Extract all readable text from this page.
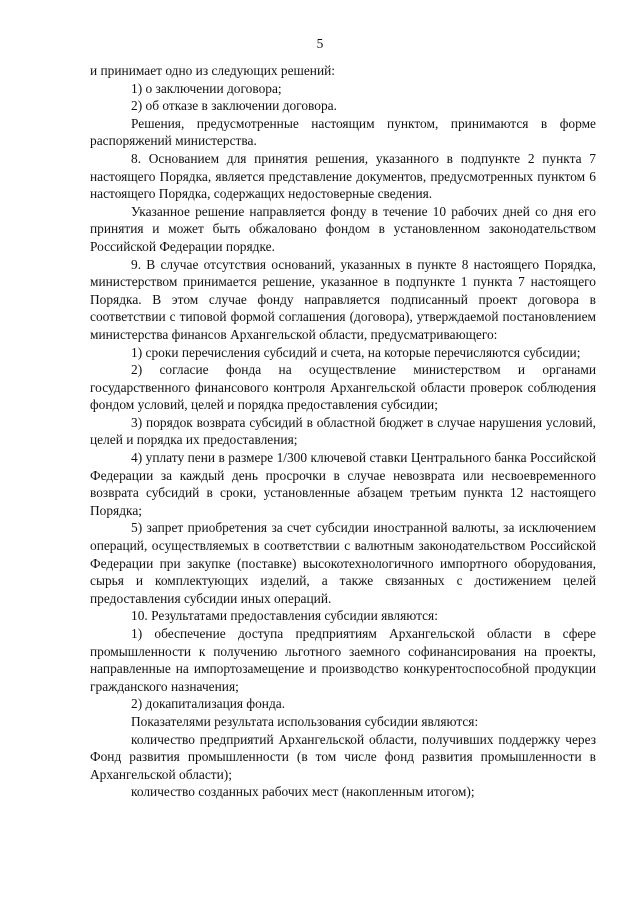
5

и принимает одно из следующих решений:

1) о заключении договора;

2) об отказе в заключении договора.

Решения, предусмотренные настоящим пунктом, принимаются в форме распоряжений министерства.

8. Основанием для принятия решения, указанного в подпункте 2 пункта 7 настоящего Порядка, является представление документов, предусмотренных пунктом 6 настоящего Порядка, содержащих недостоверные сведения.

Указанное решение направляется фонду в течение 10 рабочих дней со дня его принятия и может быть обжаловано фондом в установленном законодательством Российской Федерации порядке.

9. В случае отсутствия оснований, указанных в пункте 8 настоящего Порядка, министерством принимается решение, указанное в подпункте 1 пункта 7 настоящего Порядка. В этом случае фонду направляется подписанный проект договора в соответствии с типовой формой соглашения (договора), утверждаемой постановлением министерства финансов Архангельской области, предусматривающего:

1) сроки перечисления субсидий и счета, на которые перечисляются субсидии;

2) согласие фонда на осуществление министерством и органами государственного финансового контроля Архангельской области проверок соблюдения фондом условий, целей и порядка предоставления субсидии;

3) порядок возврата субсидий в областной бюджет в случае нарушения условий, целей и порядка их предоставления;

4) уплату пени в размере 1/300 ключевой ставки Центрального банка Российской Федерации за каждый день просрочки в случае невозврата или несвоевременного возврата субсидий в сроки, установленные абзацем третьим пункта 12 настоящего Порядка;

5) запрет приобретения за счет субсидии иностранной валюты, за исключением операций, осуществляемых в соответствии с валютным законодательством Российской Федерации при закупке (поставке) высокотехнологичного импортного оборудования, сырья и комплектующих изделий, а также связанных с достижением целей предоставления субсидии иных операций.

10. Результатами предоставления субсидии являются:

1) обеспечение доступа предприятиям Архангельской области в сфере промышленности к получению льготного заемного софинансирования на проекты, направленные на импортозамещение и производство конкурентоспособной продукции гражданского назначения;

2) докапитализация фонда.

Показателями результата использования субсидии являются:

количество предприятий Архангельской области, получивших поддержку через Фонд развития промышленности (в том числе фонд развития промышленности в Архангельской области);

количество созданных рабочих мест (накопленным итогом);
